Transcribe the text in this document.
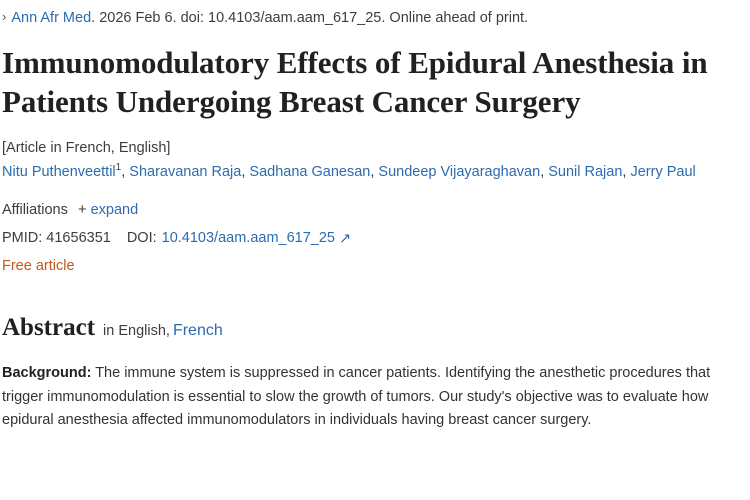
› Ann Afr Med . 2026 Feb 6. doi: 10.4103/aam.aam_617_25. Online ahead of print.
Immunomodulatory Effects of Epidural Anesthesia in Patients Undergoing Breast Cancer Surgery
[Article in French, English]
Nitu Puthenveettil$^1$, Sharavanan Raja, Sadhana Ganesan, Sundeep Vijayaraghavan, Sunil Rajan, Jerry Paul
Affiliations + expand
PMID: 41656351 DOI: 10.4103/aam.aam_617_25 ↗
Free article
Abstract in English, French
Background: The immune system is suppressed in cancer patients. Identifying the anesthetic procedures that trigger immunomodulation is essential to slow the growth of tumors. Our study's objective was to evaluate how epidural anesthesia affected immunomodulators in individuals having breast cancer surgery.
